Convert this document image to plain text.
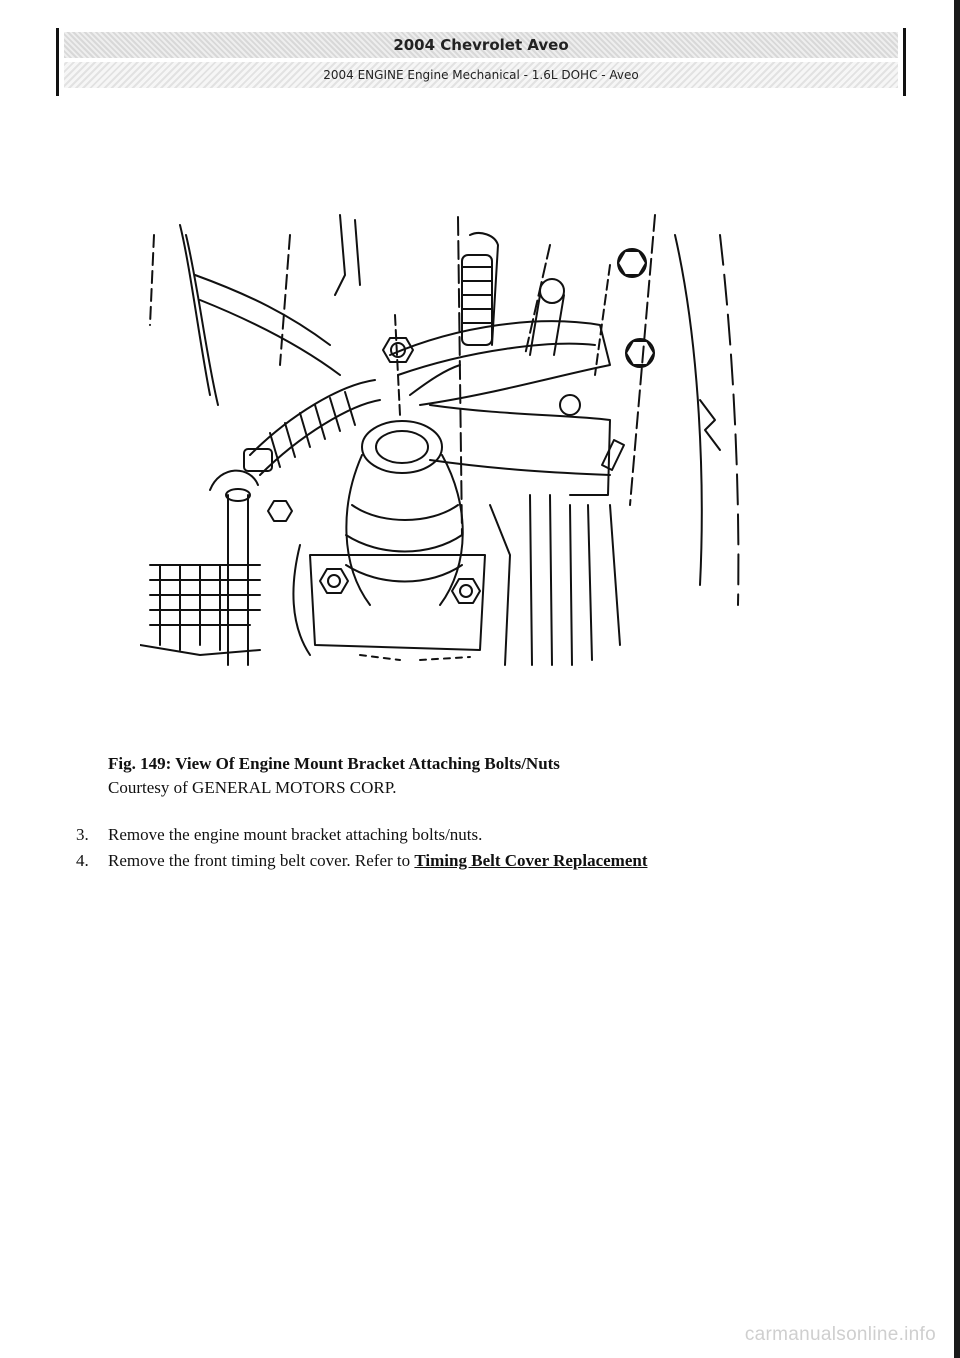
2004 Chevrolet Aveo
2004 ENGINE Engine Mechanical - 1.6L DOHC - Aveo
Fig. 149: View Of Engine Mount Bracket Attaching Bolts/Nuts
Courtesy of GENERAL MOTORS CORP.
3.	Remove the engine mount bracket attaching bolts/nuts.
4.	Remove the front timing belt cover. Refer to Timing Belt Cover Replacement
carmanualsonline.info
